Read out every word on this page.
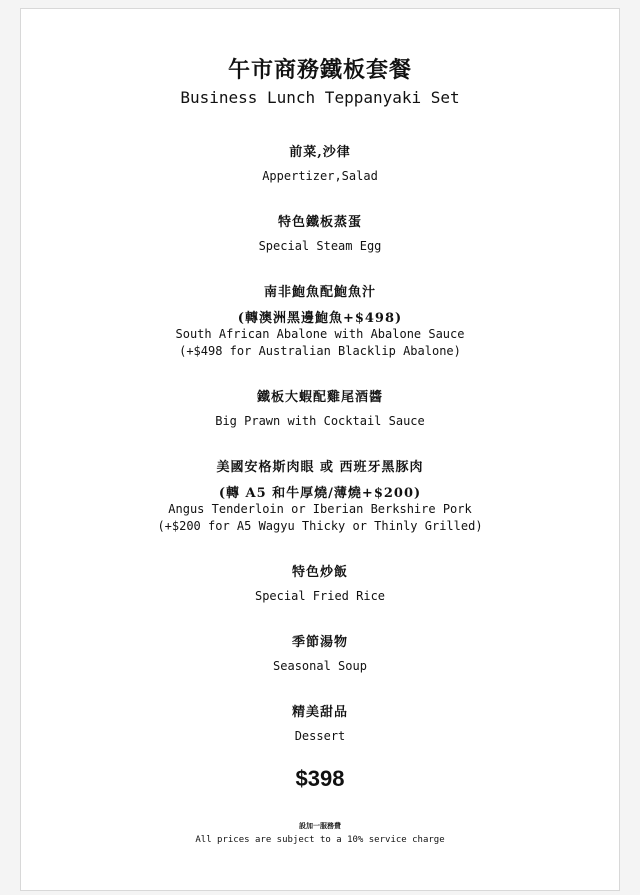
午市商務鐵板套餐
Business Lunch Teppanyaki Set
前菜,沙律
Appertizer,Salad
特色鐵板蒸蛋
Special Steam Egg
南非鮑魚配鮑魚汁
(轉澳洲黑邊鮑魚+$498)
South African Abalone with Abalone Sauce
(+$498 for Australian Blacklip Abalone)
鐵板大蝦配雞尾酒醬
Big Prawn with Cocktail Sauce
美國安格斯肉眼 或 西班牙黑豚肉
(轉 A5 和牛厚燒/薄燒+$200)
Angus Tenderloin or Iberian Berkshire Pork
(+$200 for A5 Wagyu Thicky or Thinly Grilled)
特色炒飯
Special Fried Rice
季節湯物
Seasonal Soup
精美甜品
Dessert
$398
設加一服務費
All prices are subject to a 10% service charge
